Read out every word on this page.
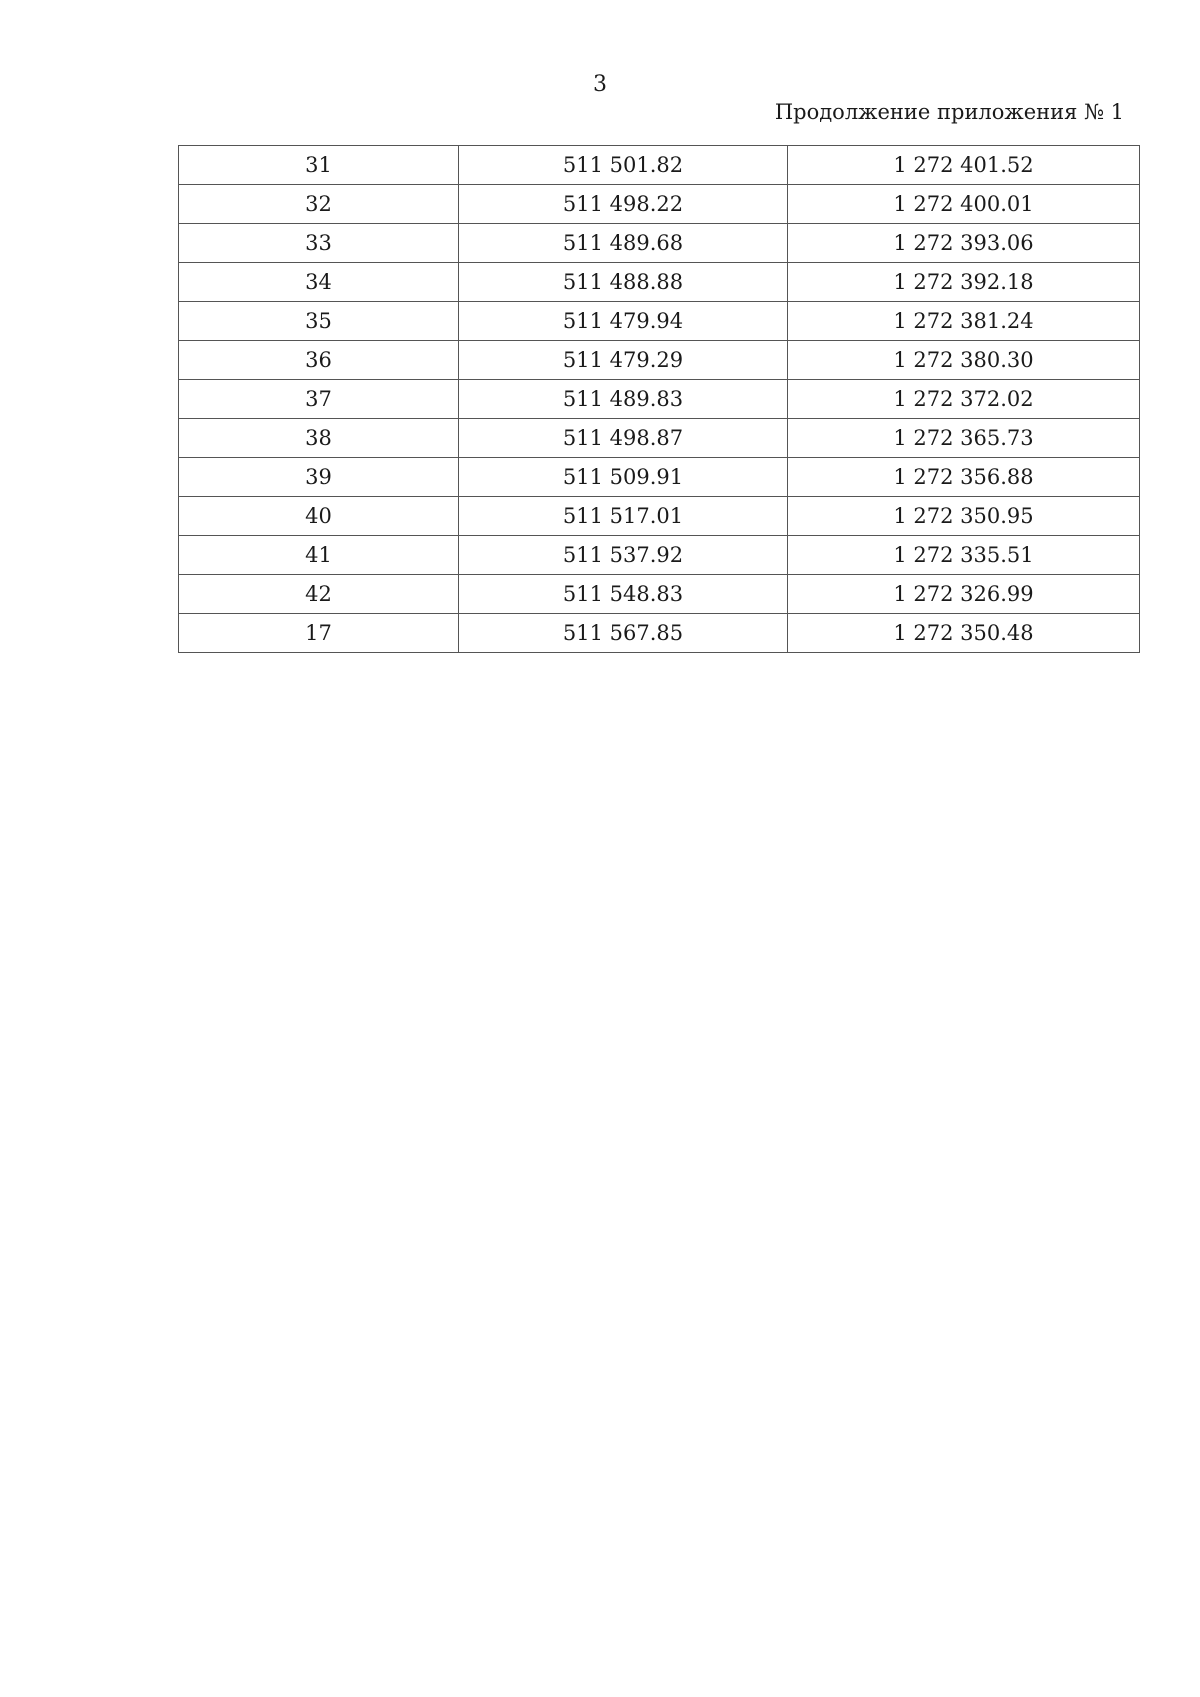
3
Продолжение приложения № 1
31	511 501.82	1 272 401.52
32	511 498.22	1 272 400.01
33	511 489.68	1 272 393.06
34	511 488.88	1 272 392.18
35	511 479.94	1 272 381.24
36	511 479.29	1 272 380.30
37	511 489.83	1 272 372.02
38	511 498.87	1 272 365.73
39	511 509.91	1 272 356.88
40	511 517.01	1 272 350.95
41	511 537.92	1 272 335.51
42	511 548.83	1 272 326.99
17	511 567.85	1 272 350.48
